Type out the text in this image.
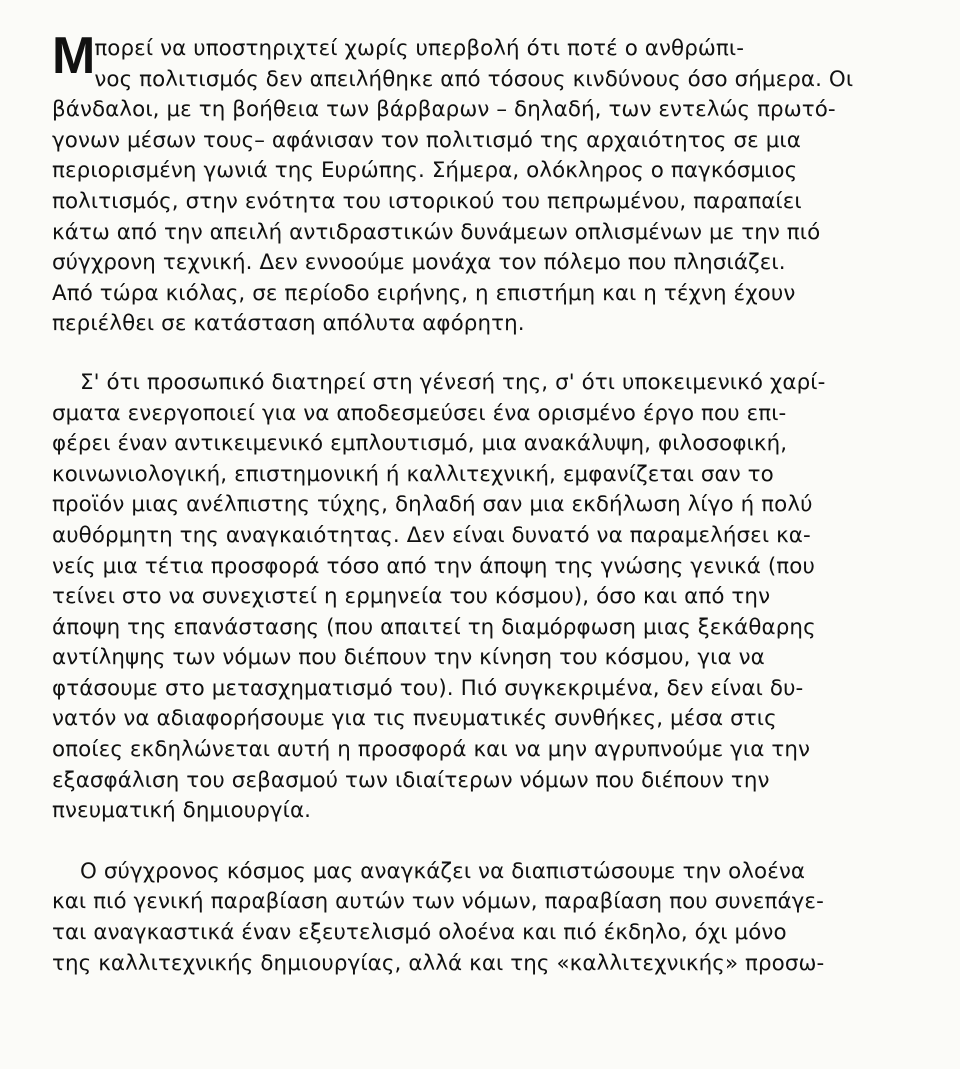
M πορεί να υποστηριχτεί χωρίς υπερβολή ότι ποτέ ο ανθρώπι-
νος πολιτισμός δεν απειλήθηκε από τόσους κινδύνους όσο σήμερα. Οι
βάνδαλοι, με τη βοήθεια των βάρβαρων – δηλαδή, των εντελώς πρωτό-
γονων μέσων τους– αφάνισαν τον πολιτισμό της αρχαιότητος σε μια
περιορισμένη γωνιά της Ευρώπης. Σήμερα, ολόκληρος ο παγκόσμιος
πολιτισμός, στην ενότητα του ιστορικού του πεπρωμένου, παραπαίει
κάτω από την απειλή αντιδραστικών δυνάμεων οπλισμένων με την πιό
σύγχρονη τεχνική. Δεν εννοούμε μονάχα τον πόλεμο που πλησιάζει.
Από τώρα κιόλας, σε περίοδο ειρήνης, η επιστήμη και η τέχνη έχουν
περιέλθει σε κατάσταση απόλυτα αφόρητη.

Σ' ότι προσωπικό διατηρεί στη γένεσή της, σ' ότι υποκειμενικό χαρί-
σματα ενεργοποιεί για να αποδεσμεύσει ένα ορισμένο έργο που επι-
φέρει έναν αντικειμενικό εμπλουτισμό, μια ανακάλυψη, φιλοσοφική,
κοινωνιολογική, επιστημονική ή καλλιτεχνική, εμφανίζεται σαν το
προϊόν μιας ανέλπιστης τύχης, δηλαδή σαν μια εκδήλωση λίγο ή πολύ
αυθόρμητη της αναγκαιότητας. Δεν είναι δυνατό να παραμελήσει κα-
νείς μια τέτια προσφορά τόσο από την άποψη της γνώσης γενικά (που
τείνει στο να συνεχιστεί η ερμηνεία του κόσμου), όσο και από την
άποψη της επανάστασης (που απαιτεί τη διαμόρφωση μιας ξεκάθαρης
αντίληψης των νόμων που διέπουν την κίνηση του κόσμου, για να
φτάσουμε στο μετασχηματισμό του). Πιό συγκεκριμένα, δεν είναι δυ-
νατόν να αδιαφορήσουμε για τις πνευματικές συνθήκες, μέσα στις
οποίες εκδηλώνεται αυτή η προσφορά και να μην αγρυπνούμε για την
εξασφάλιση του σεβασμού των ιδιαίτερων νόμων που διέπουν την
πνευματική δημιουργία.

Ο σύγχρονος κόσμος μας αναγκάζει να διαπιστώσουμε την ολοένα
και πιό γενική παραβίαση αυτών των νόμων, παραβίαση που συνεπάγε-
ται αναγκαστικά έναν εξευτελισμό ολοένα και πιό έκδηλο, όχι μόνο
της καλλιτεχνικής δημιουργίας, αλλά και της «καλλιτεχνικής» προσω-
